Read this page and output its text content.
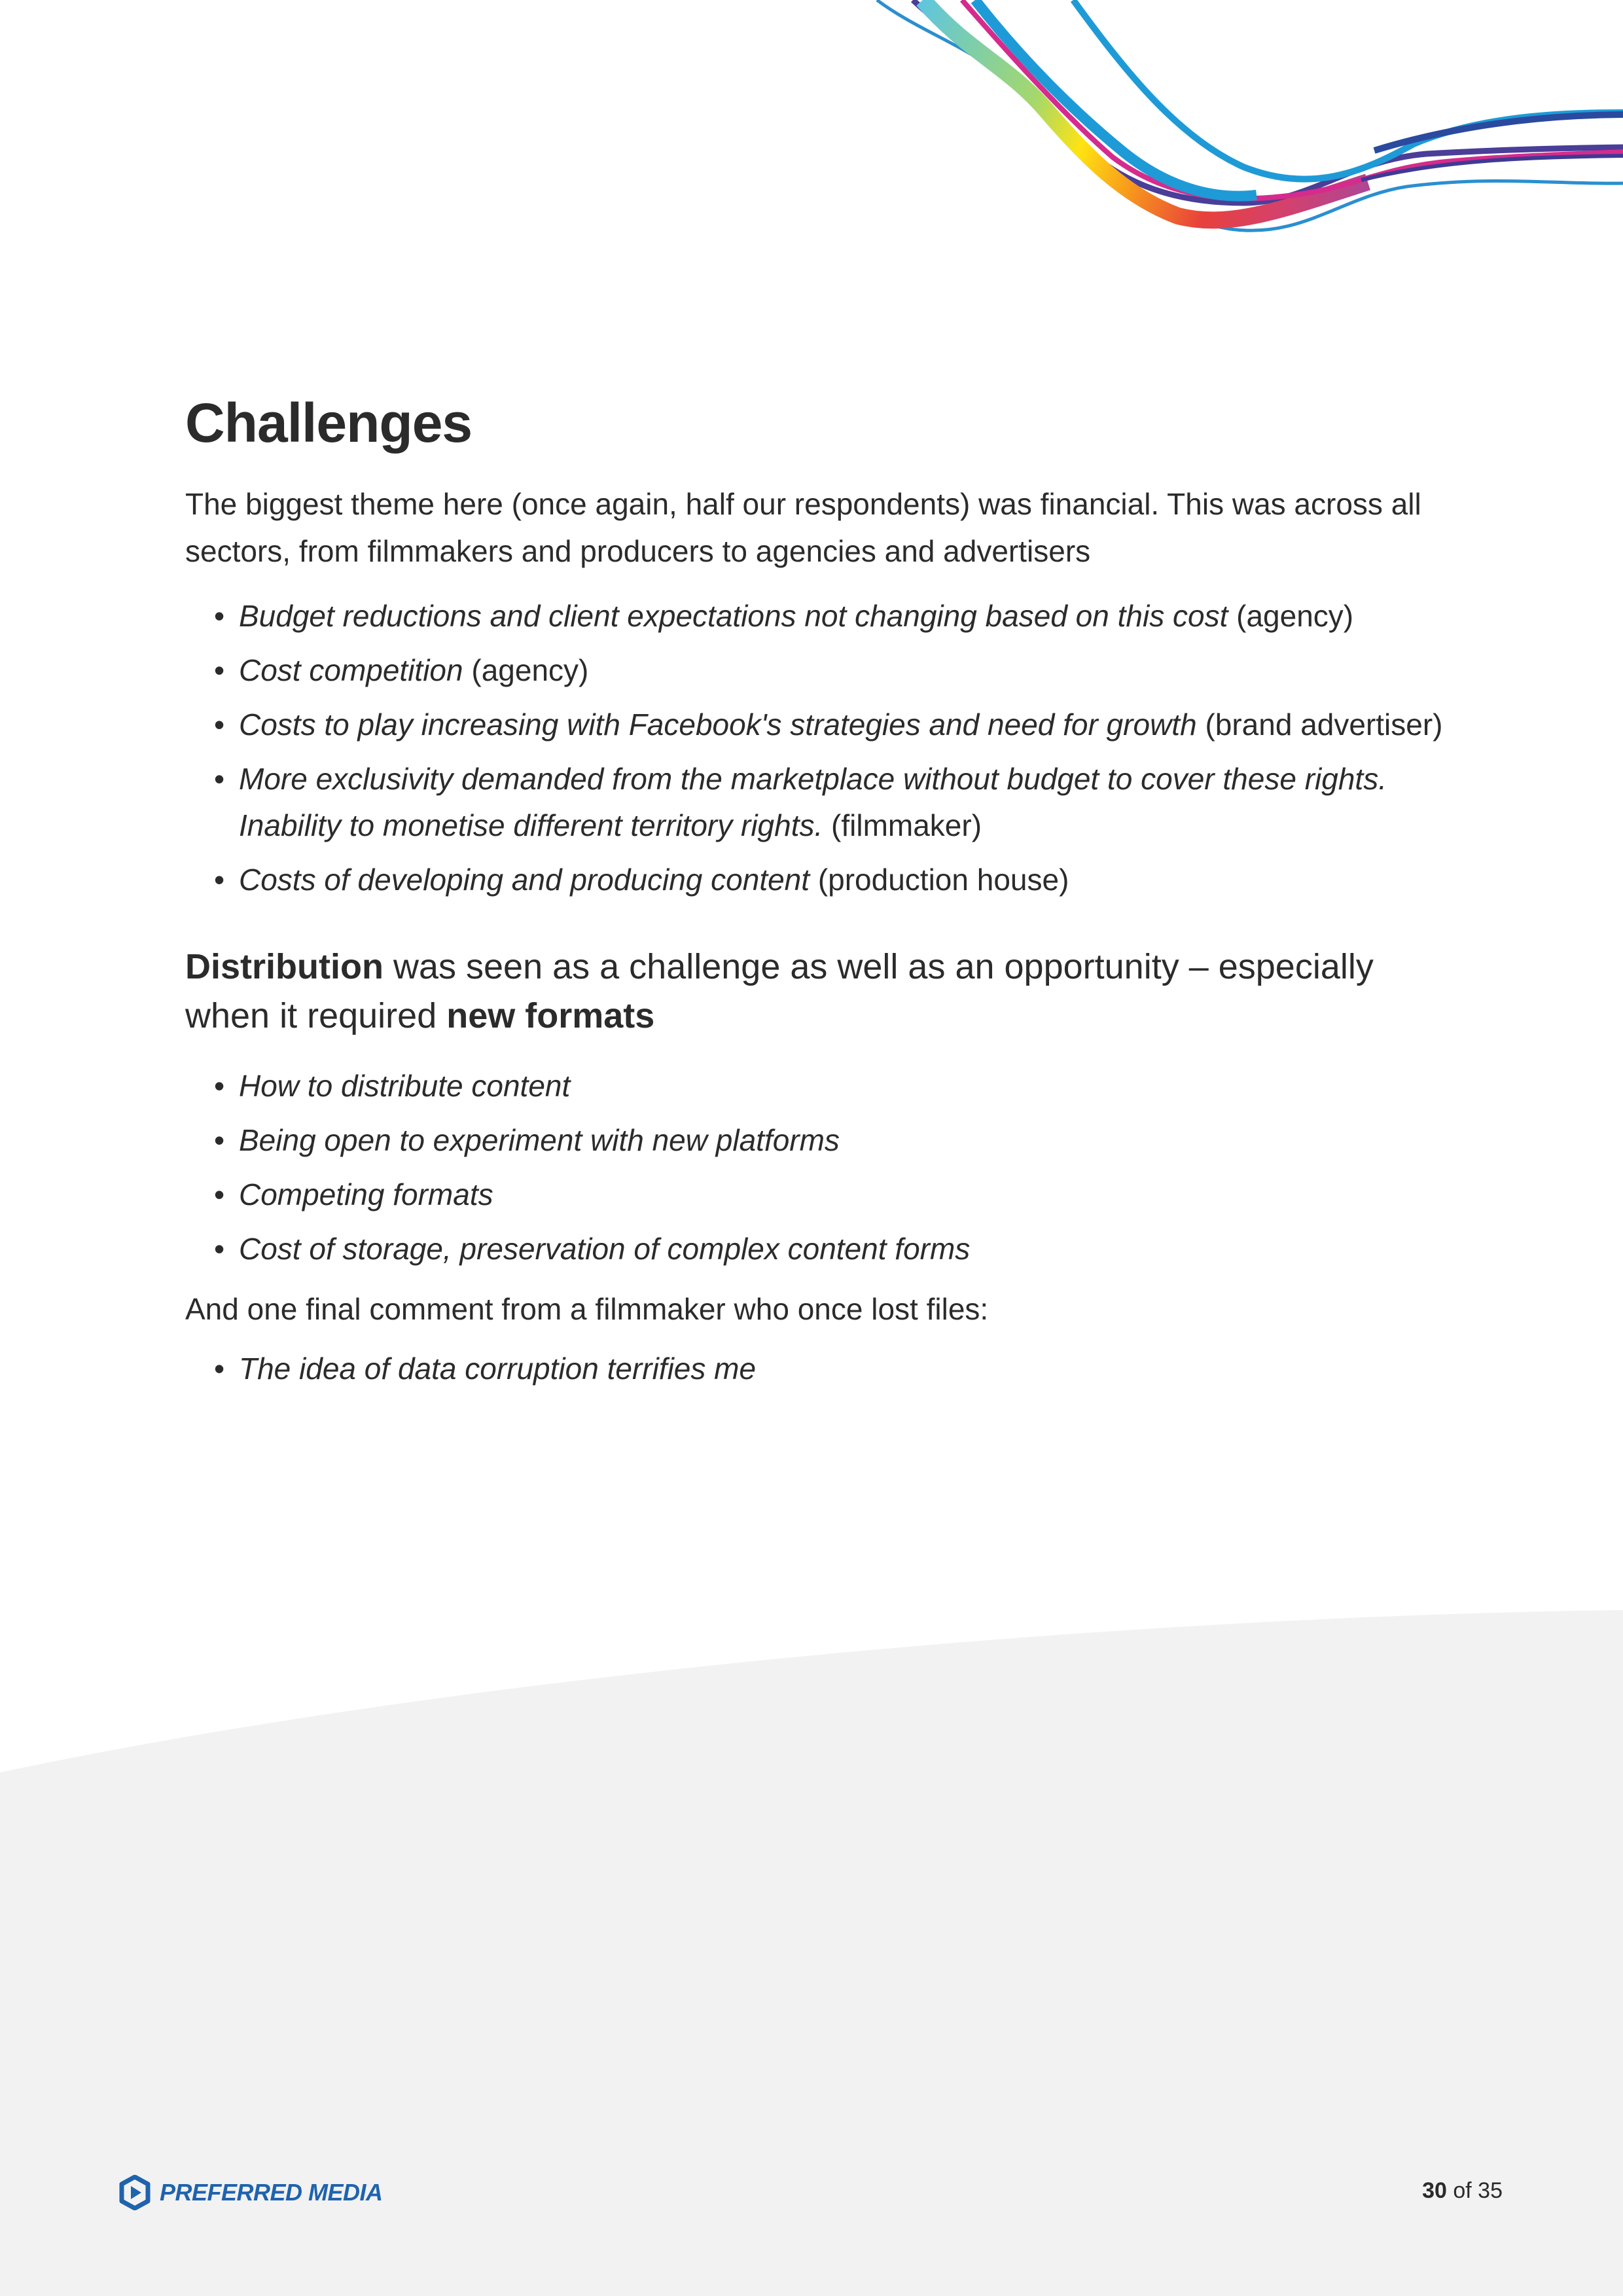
Challenges

The biggest theme here (once again, half our respondents) was financial. This was across all sectors, from filmmakers and producers to agencies and advertisers

• Budget reductions and client expectations not changing based on this cost (agency)
• Cost competition (agency)
• Costs to play increasing with Facebook's strategies and need for growth (brand advertiser)
• More exclusivity demanded from the marketplace without budget to cover these rights. Inability to monetise different territory rights. (filmmaker)
• Costs of developing and producing content (production house)
Distribution was seen as a challenge as well as an opportunity – especially when it required new formats
• How to distribute content
• Being open to experiment with new platforms
• Competing formats
• Cost of storage, preservation of complex content forms

And one final comment from a filmmaker who once lost files:

• The idea of data corruption terrifies me
PREFERRED MEDIA	30 of 35
